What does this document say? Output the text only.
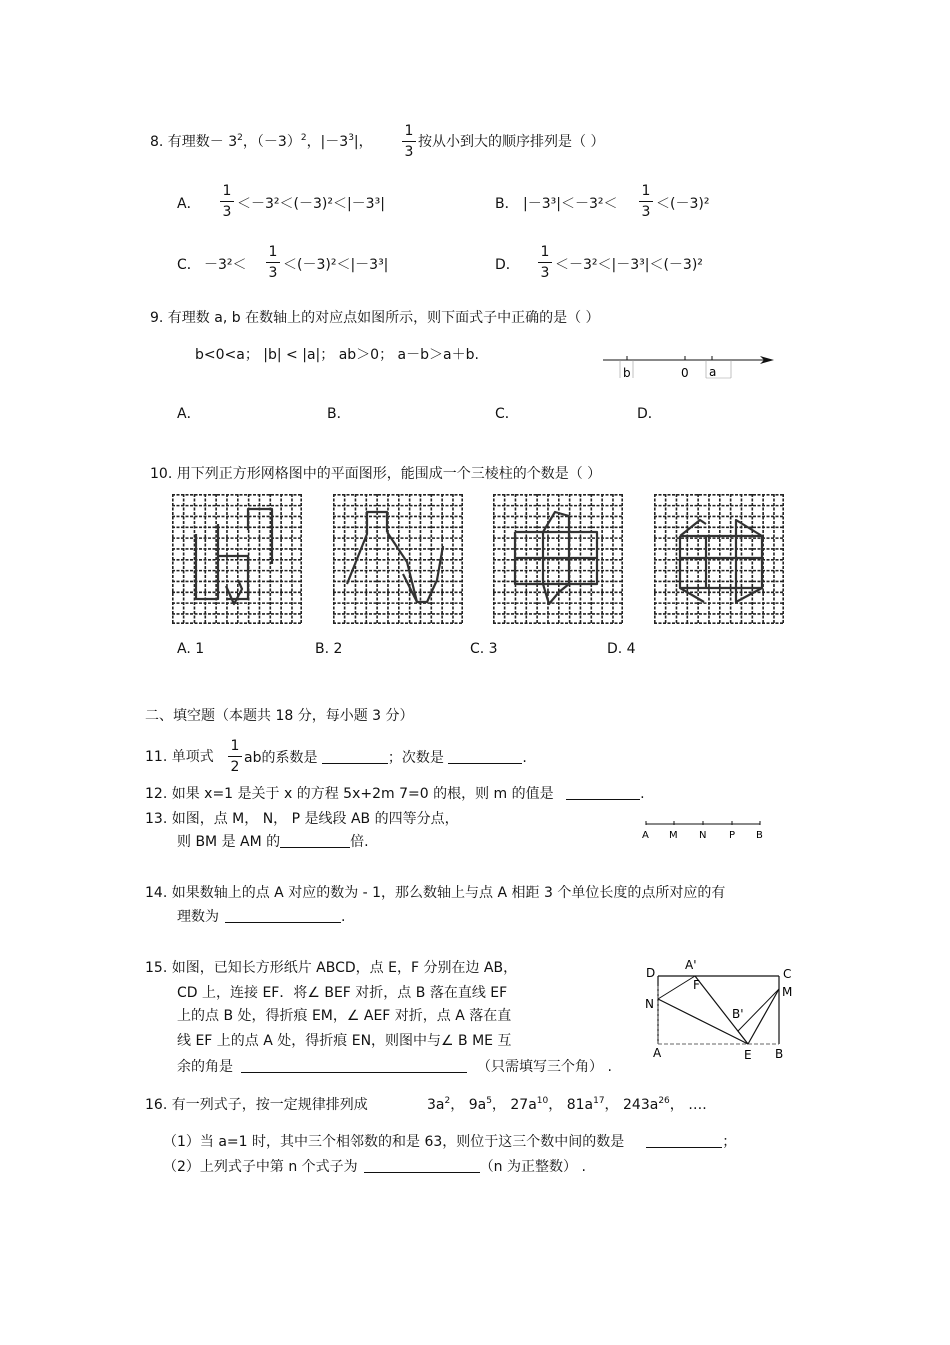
8. 有理数－ $3^2$，$(-3)^2$，$|-3^3|$，
1
3
按从小到大的顺序排列是（ ）
A．
1
3 ＜－3²＜(－3)²＜|－3³|	B． |－3³|＜－3²＜
1
3 ＜(－3)²
C． －3²＜
1
3 ＜(－3)²＜|－3³|	D．
1
3 ＜－3²＜|－3³|＜(－3)²
9. 有理数 a, b 在数轴上的对应点如图所示，则下面式子中正确的是（ ）
b<0<a； |b| < |a|； ab＞0； a－b＞a＋b.
b	0 a
A．	B．	C．	D．
10. 用下列正方形网格图中的平面图形，能围成一个三棱柱的个数是（ ）
A. 1	B. 2	C. 3	D. 4
二、填空题（本题共 18 分，每小题 3 分）
11. 单项式
1
2
ab的系数是	；次数是	.
12. 如果 x=1 是关于 x 的方程 5x+2m 7=0 的根，则 m 的值是	.
13. 如图，点 M， N， P 是线段 AB 的四等分点，
则 BM 是 AM 的	倍.	A M N P B
14. 如果数轴上的点 A 对应的数为 - 1，那么数轴上与点 A 相距 3 个单位长度的点所对应的有
理数为	.
15. 如图，已知长方形纸片 ABCD，点 E，F 分别在边 AB，
CD 上，连接 EF．将∠ BEF 对折，点 B 落在直线 EF
上的点 B 处，得折痕 EM，∠ AEF 对折，点 A 落在直
线 EF 上的点 A 处，得折痕 EN，则图中与∠ B ME 互
余的角是	（只需填写三个角） .
A'
D
F
C
M
N
B'
A	E B
16. 有一列式子，按一定规律排列成	$3a^2$， $9a^5$， $27a^{10}$， $81a^{17}$， $243a^{26}$， ….
（1）当 a=1 时，其中三个相邻数的和是 63，则位于这三个数中间的数是	；
（2）上列式子中第 n 个式子为	（n 为正整数） .
